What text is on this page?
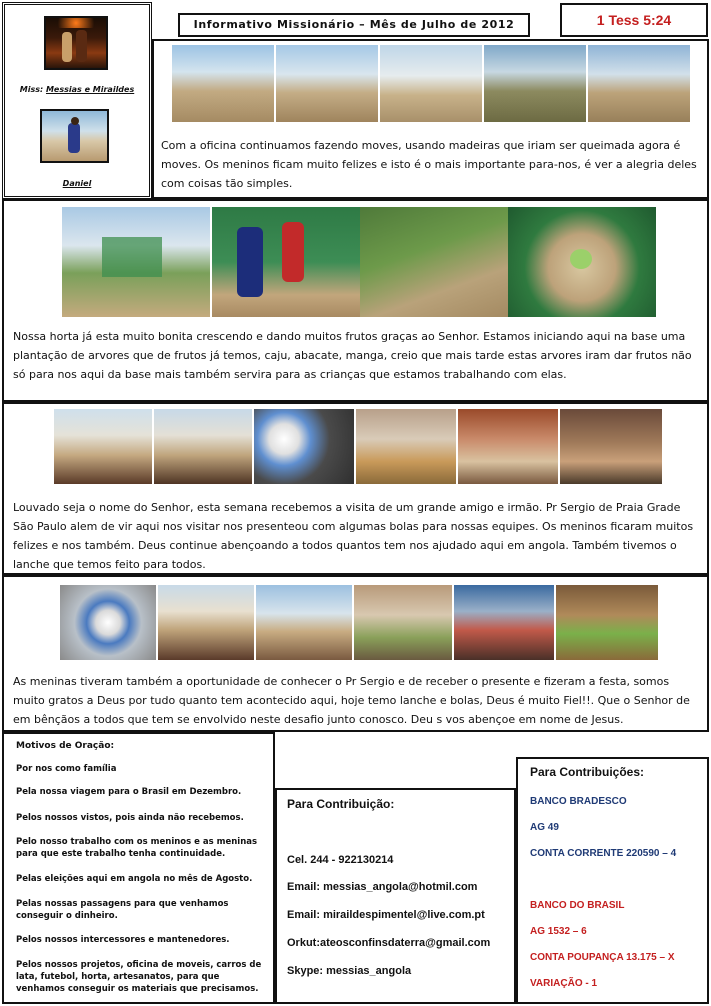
Miss: Messias e Miraildes
Daniel
Informativo Missionário – Mês de Julho de 2012	1 Tess 5:24
Com a oficina continuamos fazendo moves, usando madeiras que iriam ser queimada agora é moves. Os meninos ficam muito felizes e isto é o mais importante para-nos, é ver a alegria deles com coisas tão simples.
Nossa horta já esta muito bonita crescendo e dando muitos frutos graças ao Senhor. Estamos iniciando aqui na base uma plantação de arvores que de frutos já temos, caju, abacate, manga, creio que mais tarde estas arvores iram dar frutos não só para nos aqui da base mais também servira para as crianças que estamos trabalhando com elas.
Louvado seja o nome do Senhor, esta semana recebemos a visita de um grande amigo e irmão. Pr Sergio de Praia Grade São Paulo alem de vir aqui nos visitar nos presenteou com algumas bolas para nossas equipes. Os meninos ficaram muitos felizes e nos também. Deus continue abençoando a todos quantos tem nos ajudado aqui em angola. Também tivemos o lanche que temos feito para todos.
As meninas tiveram também a oportunidade de conhecer o Pr Sergio e de receber o presente e fizeram a festa, somos muito gratos a Deus por tudo quanto tem acontecido aqui, hoje temo lanche e bolas, Deus é muito Fiel!!. Que o Senhor de em bênçãos a todos que tem se envolvido neste desafio junto conosco. Deu s vos abençoe em nome de Jesus.
Motivos de Oração:
Por nos como família
Pela nossa viagem para o Brasil em Dezembro.
Pelos nossos vistos, pois ainda não recebemos.
Pelo nosso trabalho com os meninos e as meninas para que este trabalho tenha continuidade.
Pelas eleições aqui em angola no mês de Agosto.
Pelas nossas passagens para que venhamos conseguir o dinheiro.
Pelos nossos intercessores e mantenedores.
Pelos nossos projetos, oficina de moveis, carros de lata, futebol, horta, artesanatos, para que venhamos conseguir os materiais que precisamos.
Para Contribuição:
Cel. 244 - 922130214
Email: messias_angola@hotmil.com
Email: miraildespimentel@live.com.pt
Orkut:ateosconfinsdaterra@gmail.com
Skype: messias_angola
Para Contribuições:
BANCO BRADESCO
AG 49
CONTA CORRENTE 220590 – 4
BANCO DO BRASIL
AG 1532 – 6
CONTA POUPANÇA 13.175 – X
VARIAÇÃO - 1
